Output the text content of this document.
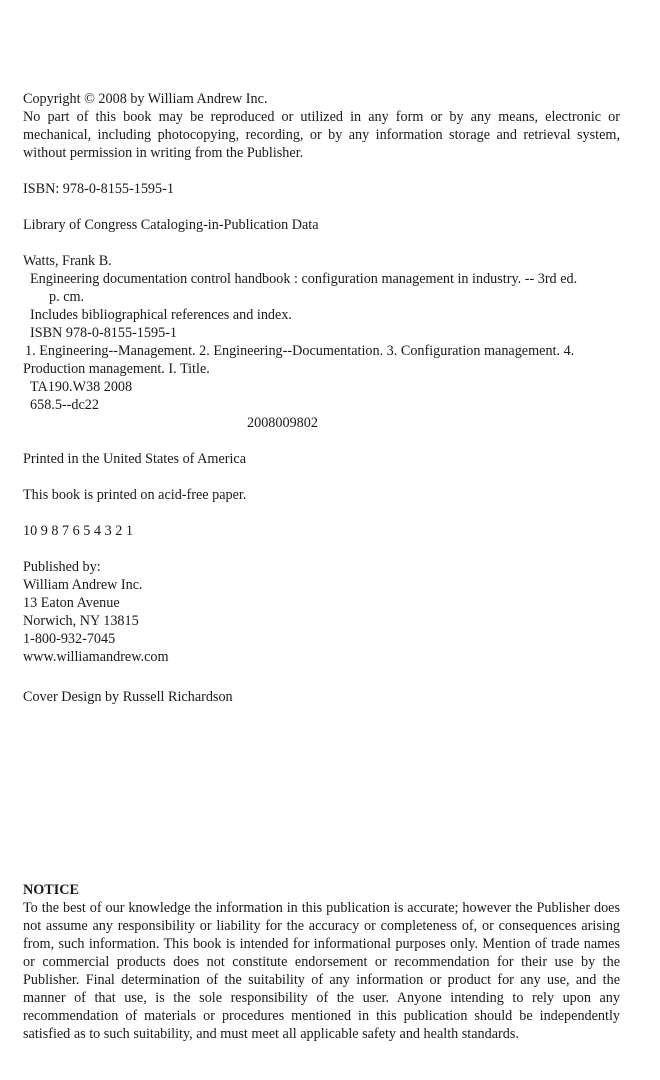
Copyright © 2008 by William Andrew Inc.
No part of this book may be reproduced or utilized in any form or by any means, electronic or mechanical, including photocopying, recording, or by any information storage and retrieval system, without permission in writing from the Publisher.
ISBN: 978-0-8155-1595-1
Library of Congress Cataloging-in-Publication Data
Watts, Frank B.
Engineering documentation control handbook : configuration management in industry. -- 3rd ed.
p. cm.
Includes bibliographical references and index.
ISBN 978-0-8155-1595-1
1. Engineering--Management. 2. Engineering--Documentation. 3. Configuration management. 4.
Production management. I. Title.
TA190.W38 2008
658.5--dc22
2008009802
Printed in the United States of America
This book is printed on acid-free paper.
10 9 8 7 6 5 4 3 2 1
Published by:
William Andrew Inc.
13 Eaton Avenue
Norwich, NY 13815
1-800-932-7045
www.williamandrew.com
Cover Design by Russell Richardson
NOTICE
To the best of our knowledge the information in this publication is accurate; however the Publisher does not assume any responsibility or liability for the accuracy or completeness of, or consequences arising from, such information. This book is intended for informational purposes only. Mention of trade names or commercial products does not constitute endorsement or recommendation for their use by the Publisher. Final determination of the suitability of any information or product for any use, and the manner of that use, is the sole responsibility of the user. Anyone intending to rely upon any recommendation of materials or procedures mentioned in this publication should be independently satisfied as to such suitability, and must meet all applicable safety and health standards.
